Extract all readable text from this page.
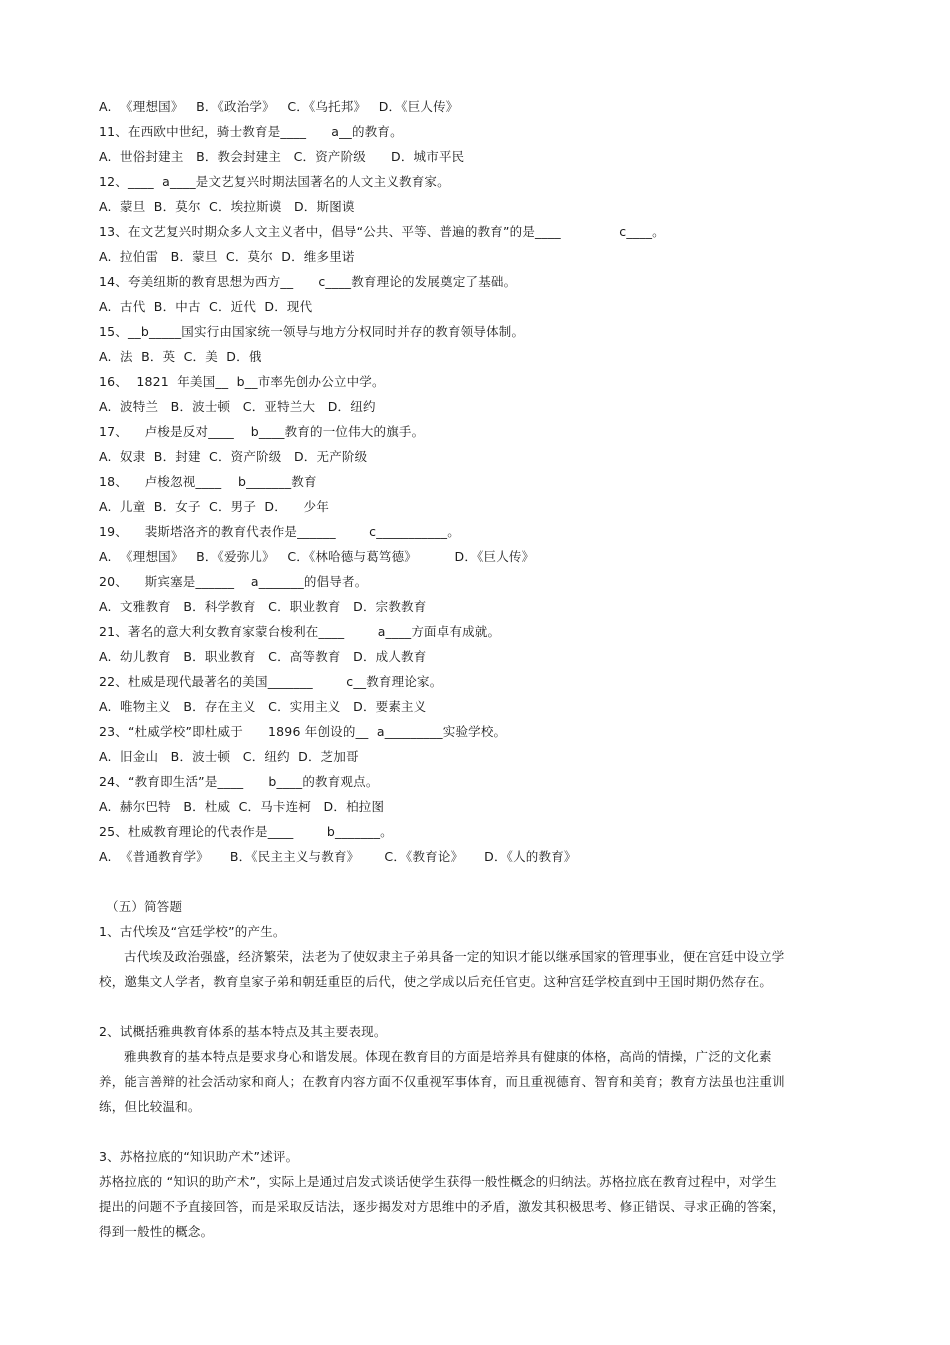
A.  《理想国》   B．《政治学》   C．《乌托邦》   D．《巨人传》
11、在西欧中世纪，骑士教育是____      a__的教育。
A.  世俗封建主   B．教会封建主   C．资产阶级      D．城市平民
12、____  a____是文艺复兴时期法国著名的人文主义教育家。
A.  蒙旦  B．莫尔  C．埃拉斯谟   D．斯图谟
13、在文艺复兴时期众多人文主义者中，倡导“公共、平等、普遍的教育”的是____              c____。
A.  拉伯雷   B．蒙旦  C．莫尔  D．维多里诺
14、夸美纽斯的教育思想为西方__      c____教育理论的发展奠定了基础。
A.  古代  B．中古  C．近代  D．现代
15、__b_____国实行由国家统一领导与地方分权同时并存的教育领导体制。
A.  法  B．英  C．美  D．俄
16、  1821  年美国__  b__市率先创办公立中学。
A.  波特兰   B．波士顿   C．亚特兰大   D．纽约
17、    卢梭是反对____    b____教育的一位伟大的旗手。
A.  奴隶  B．封建  C．资产阶级   D．无产阶级
18、    卢梭忽视____    b_______教育
A.  儿童  B．女子  C．男子  D．    少年
19、    裴斯塔洛齐的教育代表作是______        c___________。
A.  《理想国》   B．《爱弥儿》   C．《林哈德与葛笃德》         D．《巨人传》
20、    斯宾塞是______    a_______的倡导者。
A.  文雅教育   B．科学教育   C．职业教育   D．宗教教育
21、著名的意大利女教育家蒙台梭利在____        a____方面卓有成就。
A.  幼儿教育   B．职业教育   C．高等教育   D．成人教育
22、杜威是现代最著名的美国_______        c__教育理论家。
A.  唯物主义   B．存在主义   C．实用主义   D．要素主义
23、“杜威学校”即杜威于      1896 年创设的__  a_________实验学校。
A.  旧金山   B．波士顿   C．纽约  D．芝加哥
24、“教育即生活”是____      b____的教育观点。
A.  赫尔巴特   B．杜威  C．马卡连柯   D．柏拉图
25、杜威教育理论的代表作是____        b_______。
A.  《普通教育学》     B．《民主主义与教育》      C．《教育论》     D．《人的教育》
（五）简答题
1、古代埃及“宫廷学校”的产生。
古代埃及政治强盛，经济繁荣，法老为了使奴隶主子弟具备一定的知识才能以继承国家的管理事业，便在宫廷中设立学校，邀集文人学者，教育皇家子弟和朝廷重臣的后代，使之学成以后充任官吏。这种宫廷学校直到中王国时期仍然存在。
2、试概括雅典教育体系的基本特点及其主要表现。
雅典教育的基本特点是要求身心和谐发展。体现在教育目的方面是培养具有健康的体格，高尚的情操，广泛的文化素养，能言善辩的社会活动家和商人；在教育内容方面不仅重视军事体育，而且重视德育、智育和美育；教育方法虽也注重训练，但比较温和。
3、苏格拉底的“知识助产术”述评。
苏格拉底的 “知识的助产术”，实际上是通过启发式谈话使学生获得一般性概念的归纳法。苏格拉底在教育过程中，对学生提出的问题不予直接回答，而是采取反诘法，逐步揭发对方思维中的矛盾，激发其积极思考、修正错误、寻求正确的答案，得到一般性的概念。
